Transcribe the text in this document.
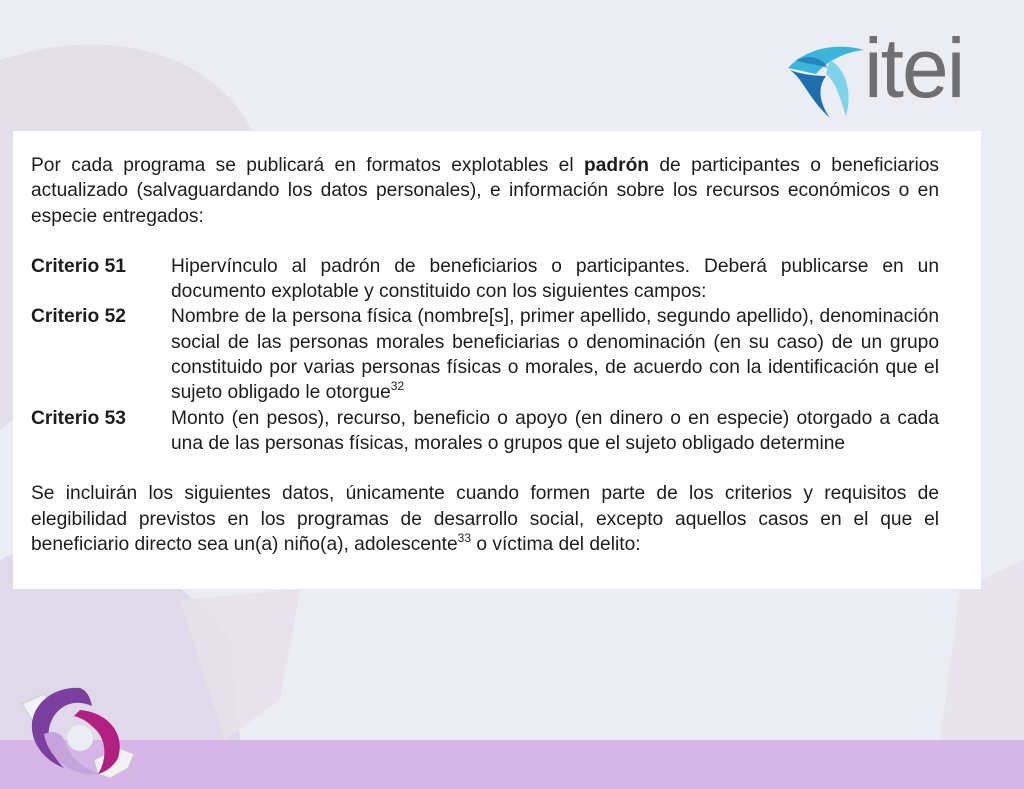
itei

Por cada programa se publicará en formatos explotables el padrón de participantes o beneficiarios actualizado (salvaguardando los datos personales), e información sobre los recursos económicos o en especie entregados:

Criterio 51	Hipervínculo al padrón de beneficiarios o participantes. Deberá publicarse en un documento explotable y constituido con los siguientes campos:
Criterio 52	Nombre de la persona física (nombre[s], primer apellido, segundo apellido), denominación social de las personas morales beneficiarias o denominación (en su caso) de un grupo constituido por varias personas físicas o morales, de acuerdo con la identificación que el sujeto obligado le otorgue$^{32}$
Criterio 53	Monto (en pesos), recurso, beneficio o apoyo (en dinero o en especie) otorgado a cada una de las personas físicas, morales o grupos que el sujeto obligado determine

Se incluirán los siguientes datos, únicamente cuando formen parte de los criterios y requisitos de elegibilidad previstos en los programas de desarrollo social, excepto aquellos casos en el que el beneficiario directo sea un(a) niño(a), adolescente$^{33}$ o víctima del delito:
